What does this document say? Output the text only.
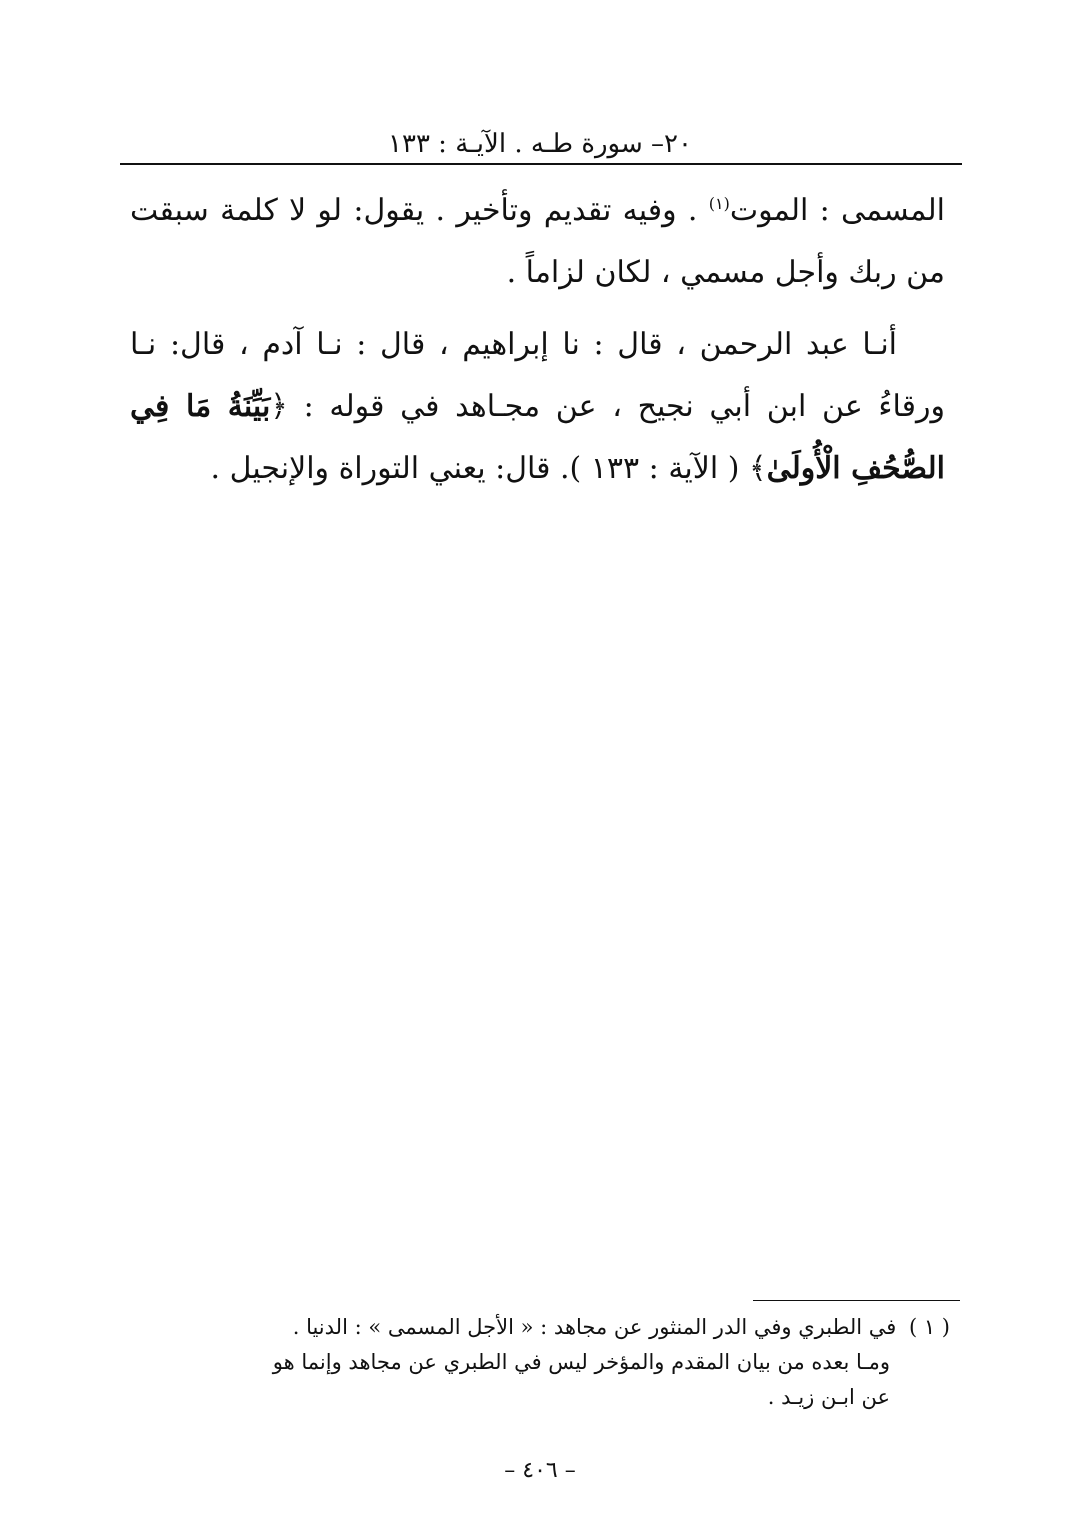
٢٠– سورة طـه . الآيـة : ١٣٣

المسمى : الموت$^{(١)}$ . وفيه تقديم وتأخير . يقول: لو لا كلمة سبقت من ربك وأجل مسمي ، لكان لزاماً .

أنـا عبد الرحمن ، قال : نا إبراهيم ، قال : نـا آدم ، قال: نـا ورقاءُ عن ابن أبي نجيح ، عن مجـاهد في قوله : ﴿بَيِّنَةُ مَا فِي الصُّحُفِ الْأُولَىٰ﴾ ( الآية : ١٣٣ ). قال: يعني التوراة والإنجيل .

( ١ ) في الطبري وفي الدر المنثور عن مجاهد : « الأجل المسمى » : الدنيا .
ومـا بعده من بيان المقدم والمؤخر ليس في الطبري عن مجاهد وإنما هو
عن ابـن زيـد .
– ٤٠٦ –
